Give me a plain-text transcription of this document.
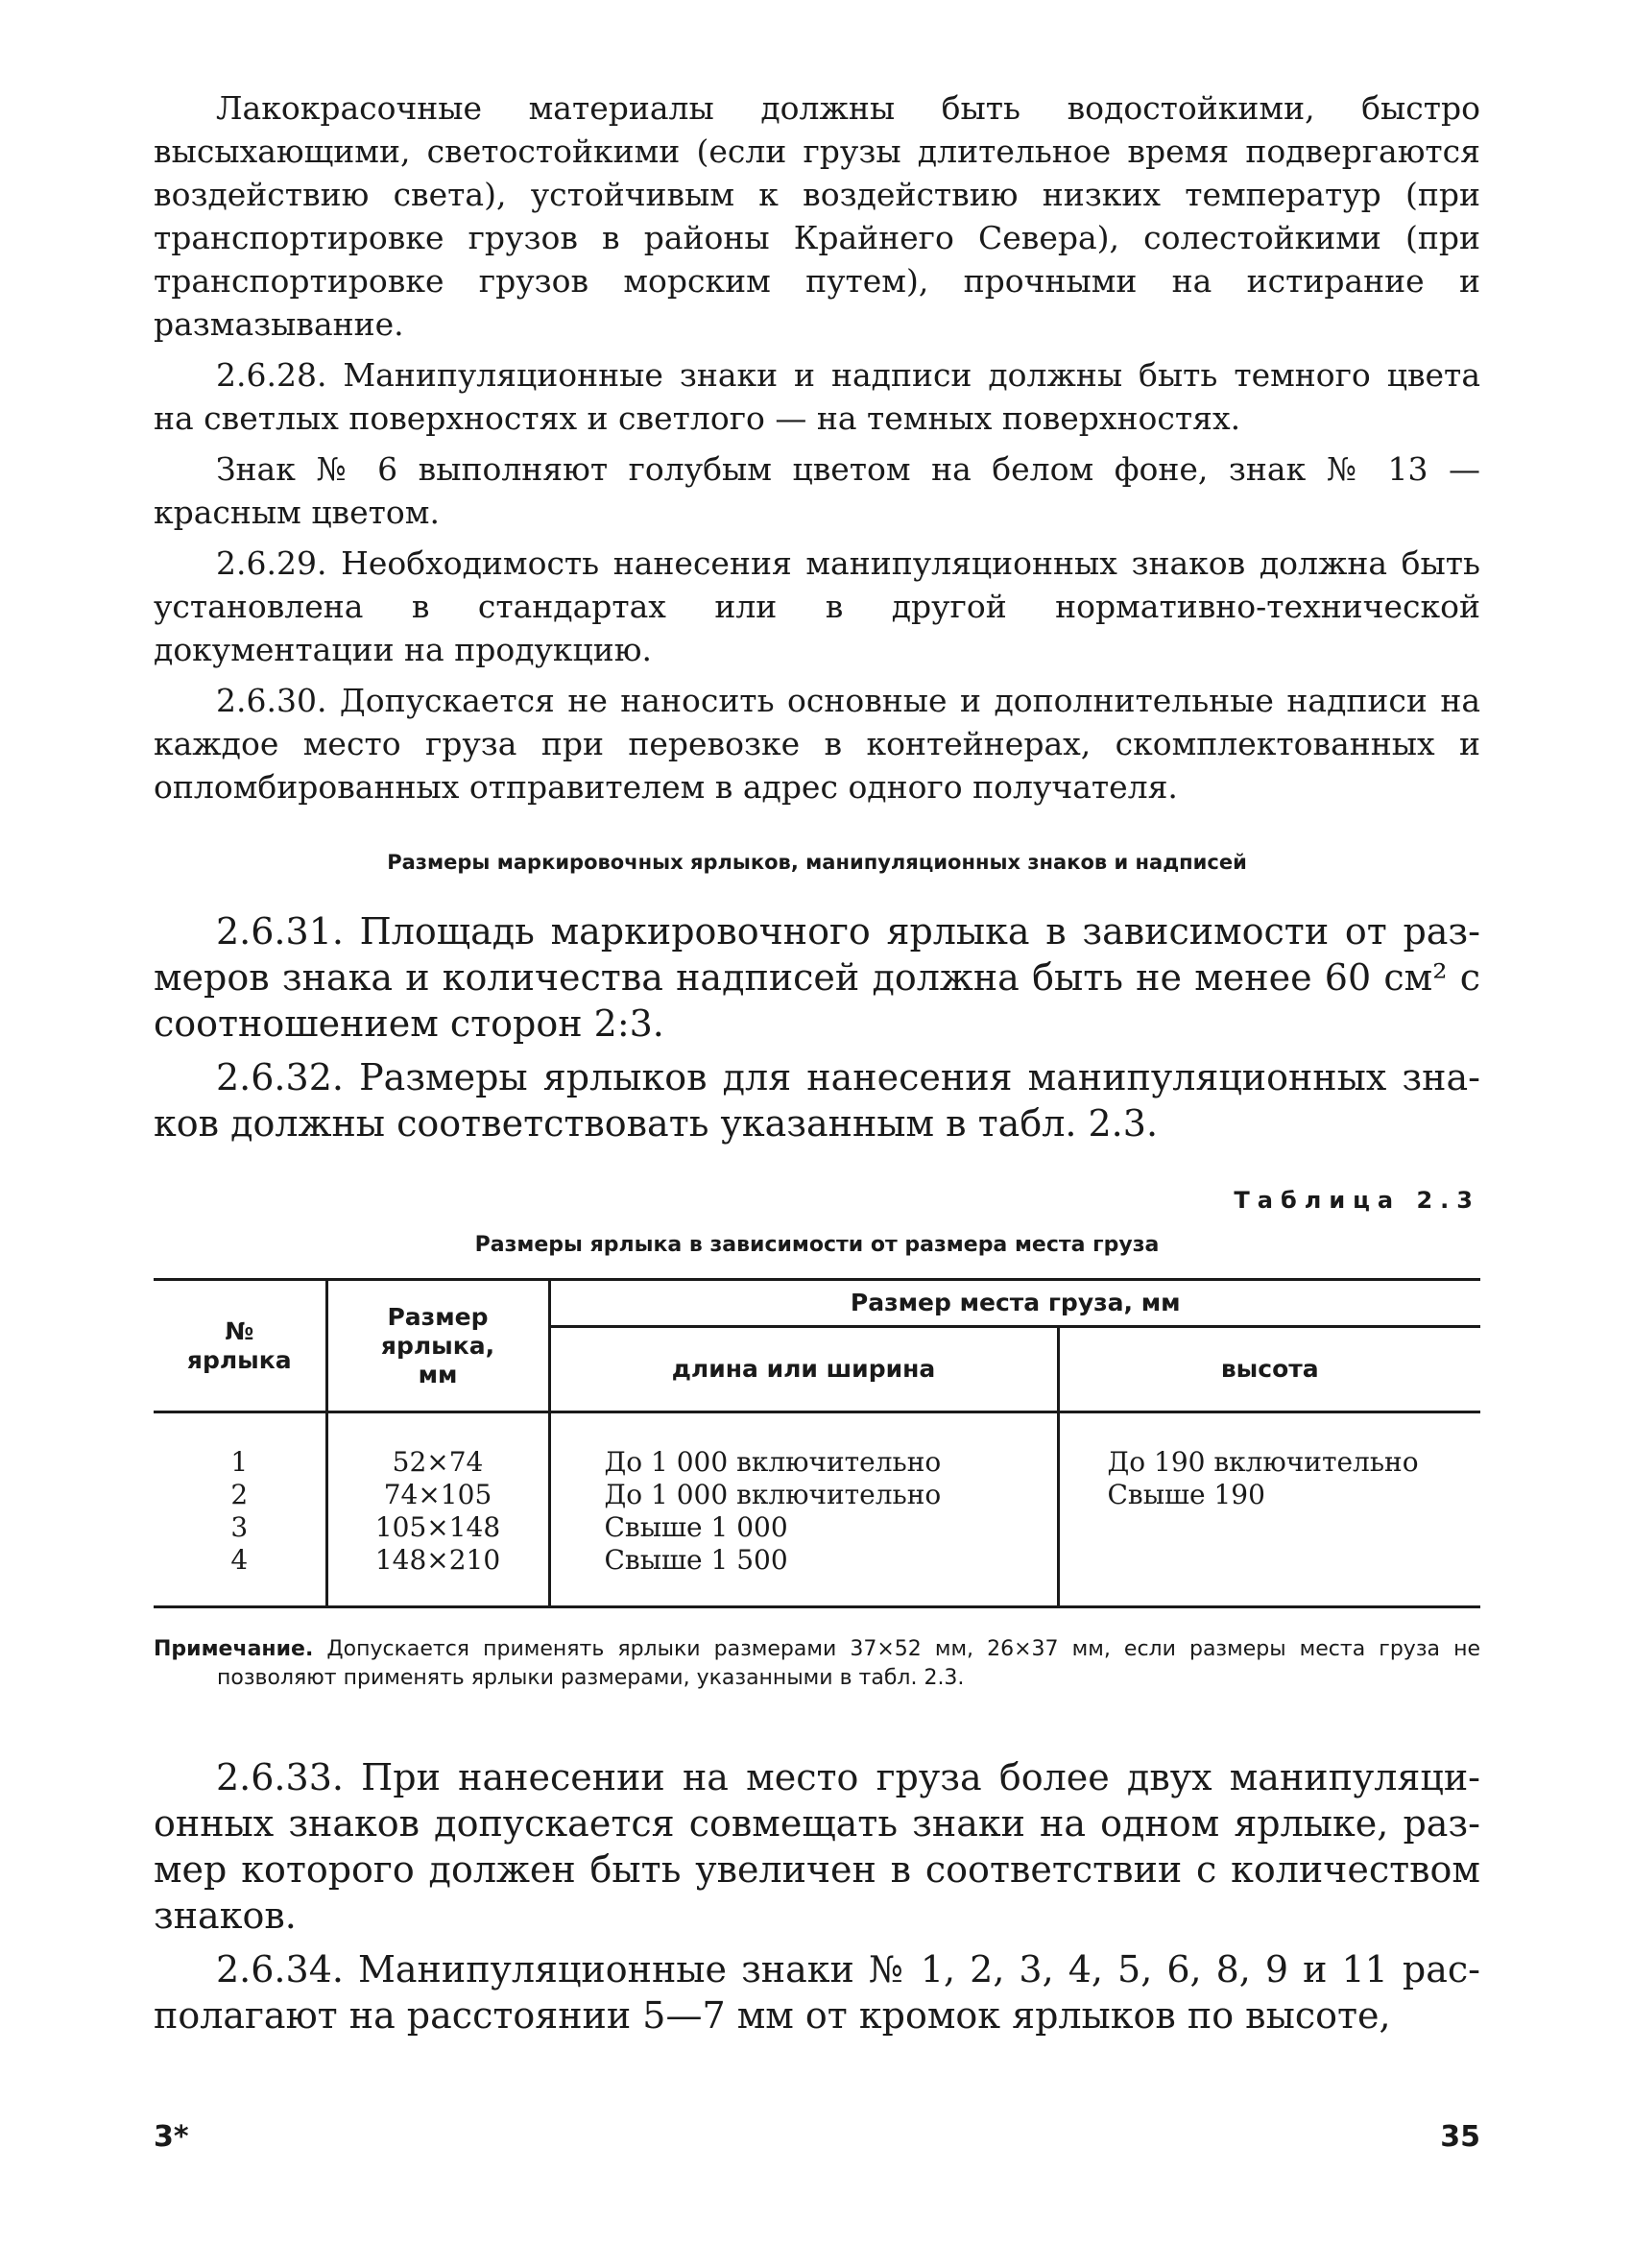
Лакокрасочные материалы должны быть водостойкими, быстро высыхающими, светостойкими (если грузы длительное время подвергаются воздействию света), устойчивым к воздействию низких температур (при транспортировке грузов в районы Крайнего Севера), солестойкими (при транспортировке грузов морским путем), прочными на истирание и размазывание.

2.6.28. Манипуляционные знаки и надписи должны быть темного цвета на светлых поверхностях и светлого — на темных поверхностях.

Знак № 6 выполняют голубым цветом на белом фоне, знак № 13 — красным цветом.

2.6.29. Необходимость нанесения манипуляционных знаков должна быть установлена в стандартах или в другой нормативно-технической документации на продукцию.

2.6.30. Допускается не наносить основные и дополнительные надписи на каждое место груза при перевозке в контейнерах, скомплектованных и опломбированных отправителем в адрес одного получателя.

Размеры маркировочных ярлыков, манипуляционных знаков и надписей

2.6.31. Площадь маркировочного ярлыка в зависимости от размеров знака и количества надписей должна быть не менее 60 см² с соотношением сторон 2:3.

2.6.32. Размеры ярлыков для нанесения манипуляционных знаков должны соответствовать указанным в табл. 2.3.

Таблица 2.3
Размеры ярлыка в зависимости от размера места груза
№ ярлыка	Размер ярлыка, мм	Размер места груза, мм	
		длина или ширина	высота
1	52×74	До 1 000 включительно	До 190 включительно
2	74×105	До 1 000 включительно	Свыше 190
3	105×148	Свыше 1 000	
4	148×210	Свыше 1 500	

Примечание. Допускается применять ярлыки размерами 37×52 мм, 26×37 мм, если размеры места груза не позволяют применять ярлыки размерами, указанными в табл. 2.3.

2.6.33. При нанесении на место груза более двух манипуляционных знаков допускается совмещать знаки на одном ярлыке, размер которого должен быть увеличен в соответствии с количеством знаков.

2.6.34. Манипуляционные знаки № 1, 2, 3, 4, 5, 6, 8, 9 и 11 располагают на расстоянии 5—7 мм от кромок ярлыков по высоте,

3*	35
